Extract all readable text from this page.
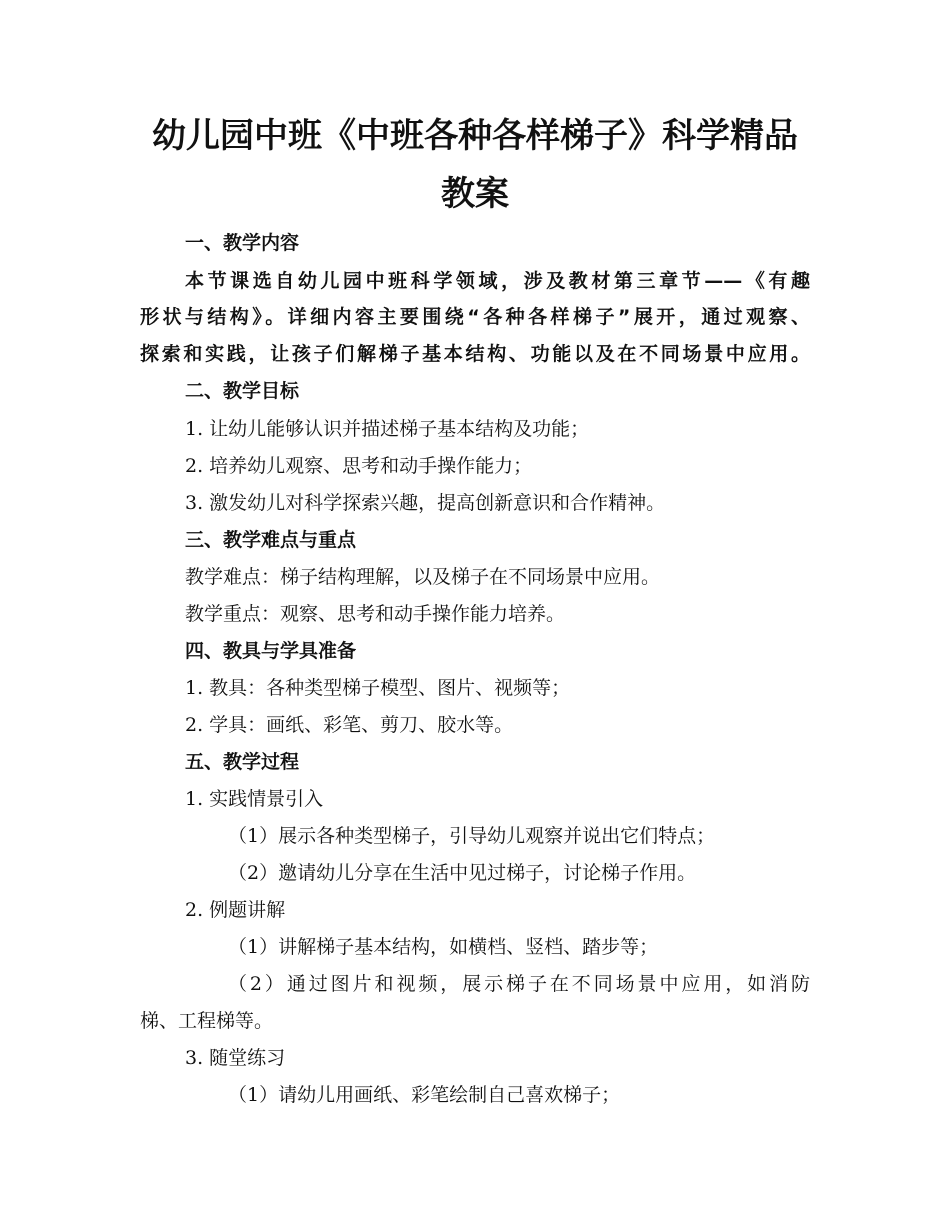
幼儿园中班《中班各种各样梯子》科学精品
教案

一、教学内容

本节课选自幼儿园中班科学领域，涉及教材第三章节——《有趣

形状与结构》。详细内容主要围绕“各种各样梯子”展开，通过观察、

探索和实践，让孩子们解梯子基本结构、功能以及在不同场景中应用。

二、教学目标

1. 让幼儿能够认识并描述梯子基本结构及功能；

2. 培养幼儿观察、思考和动手操作能力；

3. 激发幼儿对科学探索兴趣，提高创新意识和合作精神。

三、教学难点与重点

教学难点：梯子结构理解，以及梯子在不同场景中应用。

教学重点：观察、思考和动手操作能力培养。

四、教具与学具准备

1. 教具：各种类型梯子模型、图片、视频等；

2. 学具：画纸、彩笔、剪刀、胶水等。

五、教学过程

1. 实践情景引入

（1）展示各种类型梯子，引导幼儿观察并说出它们特点；

（2）邀请幼儿分享在生活中见过梯子，讨论梯子作用。

2. 例题讲解

（1）讲解梯子基本结构，如横档、竖档、踏步等；

（2）通过图片和视频，展示梯子在不同场景中应用，如消防

梯、工程梯等。

3. 随堂练习

（1）请幼儿用画纸、彩笔绘制自己喜欢梯子；
